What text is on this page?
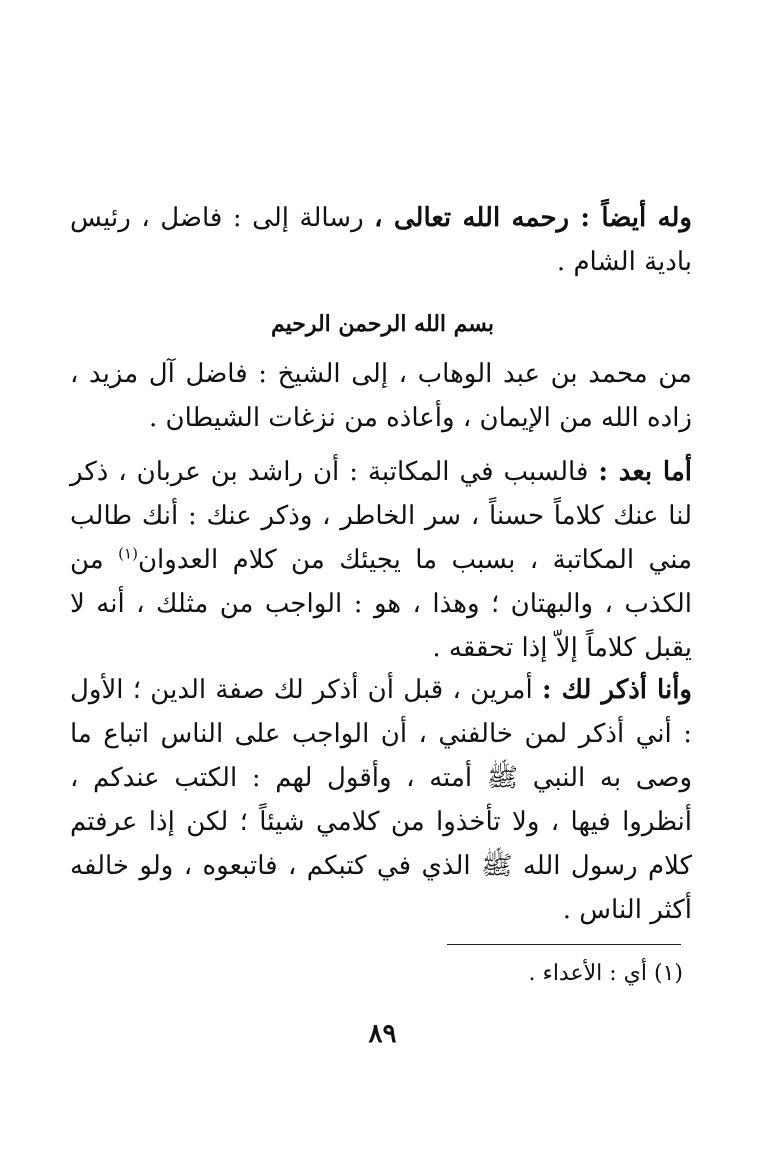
وله أيضاً : رحمه الله تعالى ، رسالة إلى : فاضل ، رئيس بادية الشام .

بسم الله الرحمن الرحيم

من محمد بن عبد الوهاب ، إلى الشيخ : فاضل آل مزيد ، زاده الله من الإيمان ، وأعاذه من نزغات الشيطان .

أما بعد : فالسبب في المكاتبة : أن راشد بن عربان ، ذكر لنا عنك كلاماً حسناً ، سر الخاطر ، وذكر عنك : أنك طالب مني المكاتبة ، بسبب ما يجيئك من كلام العدوان$^{(١)}$ من الكذب ، والبهتان ؛ وهذا ، هو : الواجب من مثلك ، أنه لا يقبل كلاماً إلاّ إذا تحققه .

وأنا أذكر لك : أمرين ، قبل أن أذكر لك صفة الدين ؛ الأول : أني أذكر لمن خالفني ، أن الواجب على الناس اتباع ما وصى به النبي ﷺ أمته ، وأقول لهم : الكتب عندكم ، أنظروا فيها ، ولا تأخذوا من كلامي شيئاً ؛ لكن إذا عرفتم كلام رسول الله ﷺ الذي في كتبكم ، فاتبعوه ، ولو خالفه أكثر الناس .

(١) أي : الأعداء .
٨٩
